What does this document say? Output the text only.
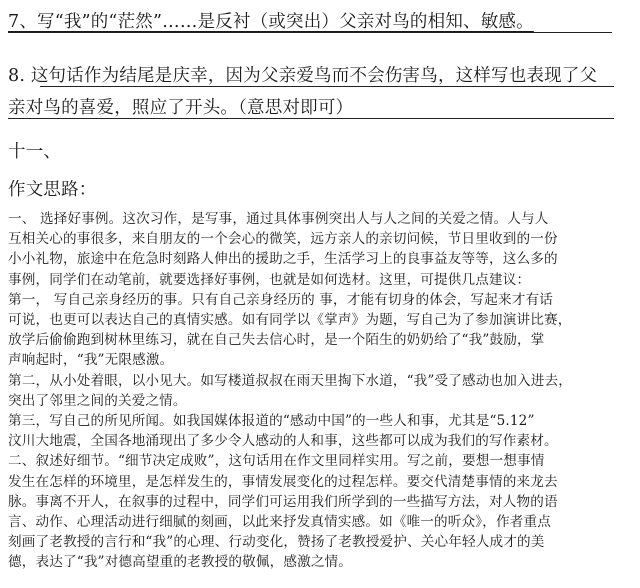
7、写“我”的“茫然”……是反衬（或突出）父亲对鸟的相知、敏感。
8. 这句话作为结尾是庆幸，因为父亲爱鸟而不会伤害鸟，这样写也表现了父
亲对鸟的喜爱，照应了开头。（意思对即可）
十一、
作文思路：
一、 选择好事例。这次习作，是写事，通过具体事例突出人与人之间的关爱之情。人与人
互相关心的事很多，来自朋友的一个会心的微笑，远方亲人的亲切问候，节日里收到的一份
小小礼物，旅途中在危急时刻路人伸出的援助之手，生活学习上的良事益友等等，这么多的
事例，同学们在动笔前，就要选择好事例，也就是如何选材。这里，可提供几点建议：
第一， 写自己亲身经历的事。只有自己亲身经历的 事，才能有切身的体会，写起来才有话
可说，也更可以表达自己的真情实感。如有同学以《掌声》为题，写自己为了参加演讲比赛，
放学后偷偷跑到树林里练习，就在自己失去信心时，是一个陌生的奶奶给了“我”鼓励，掌
声响起时，“我”无限感激。
第二，从小处着眼，以小见大。如写楼道叔叔在雨天里掏下水道，“我”受了感动也加入进去，
突出了邻里之间的关爱之情。
第三，写自己的所见所闻。如我国媒体报道的“感动中国”的一些人和事，尤其是“5.12”
汶川大地震，全国各地涌现出了多少令人感动的人和事，这些都可以成为我们的写作素材。
二、叙述好细节。“细节决定成败”，这句话用在作文里同样实用。写之前，要想一想事情
发生在怎样的环境里，是怎样发生的，事情发展变化的过程怎样。要交代清楚事情的来龙去
脉。事离不开人，在叙事的过程中，同学们可运用我们所学到的一些描写方法，对人物的语
言、动作、心理活动进行细腻的刻画，以此来抒发真情实感。如《唯一的听众》，作者重点
刻画了老教授的言行和“我”的心理、行动变化，赞扬了老教授爱护、关心年轻人成才的美
德，表达了“我”对德高望重的老教授的敬佩，感激之情。
